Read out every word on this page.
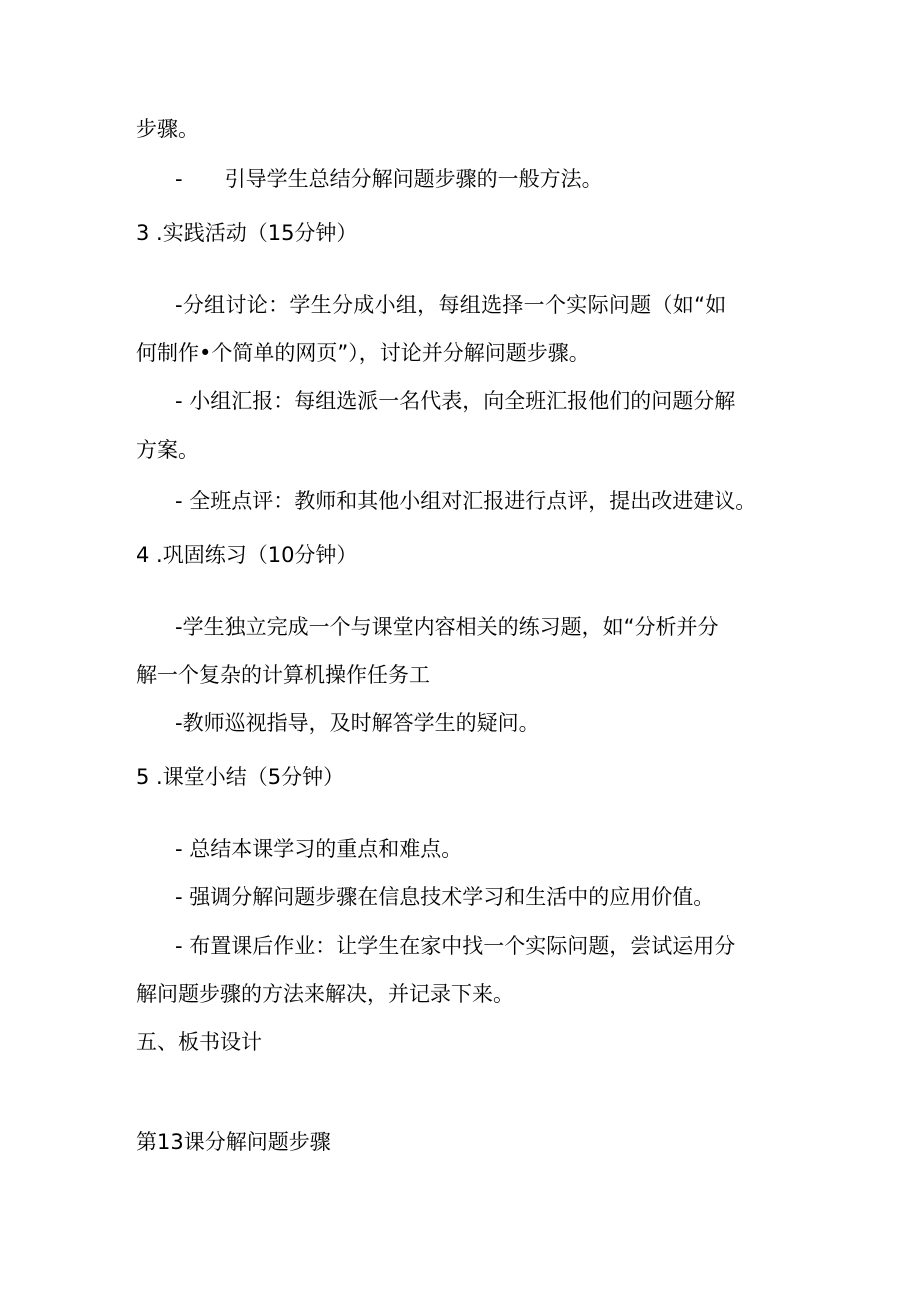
步骤。
-　　引导学生总结分解问题步骤的一般方法。
3 .实践活动（15分钟）
-分组讨论：学生分成小组，每组选择一个实际问题（如“如
何制作•个简单的网页”），讨论并分解问题步骤。
- 小组汇报：每组选派一名代表，向全班汇报他们的问题分解
方案。
- 全班点评：教师和其他小组对汇报进行点评，提出改进建议。
4 .巩固练习（10分钟）
-学生独立完成一个与课堂内容相关的练习题，如“分析并分
解一个复杂的计算机操作任务工
-教师巡视指导，及时解答学生的疑问。
5 .课堂小结（5分钟）
- 总结本课学习的重点和难点。
- 强调分解问题步骤在信息技术学习和生活中的应用价值。
- 布置课后作业：让学生在家中找一个实际问题，尝试运用分
解问题步骤的方法来解决，并记录下来。
五、板书设计
第13课分解问题步骤
